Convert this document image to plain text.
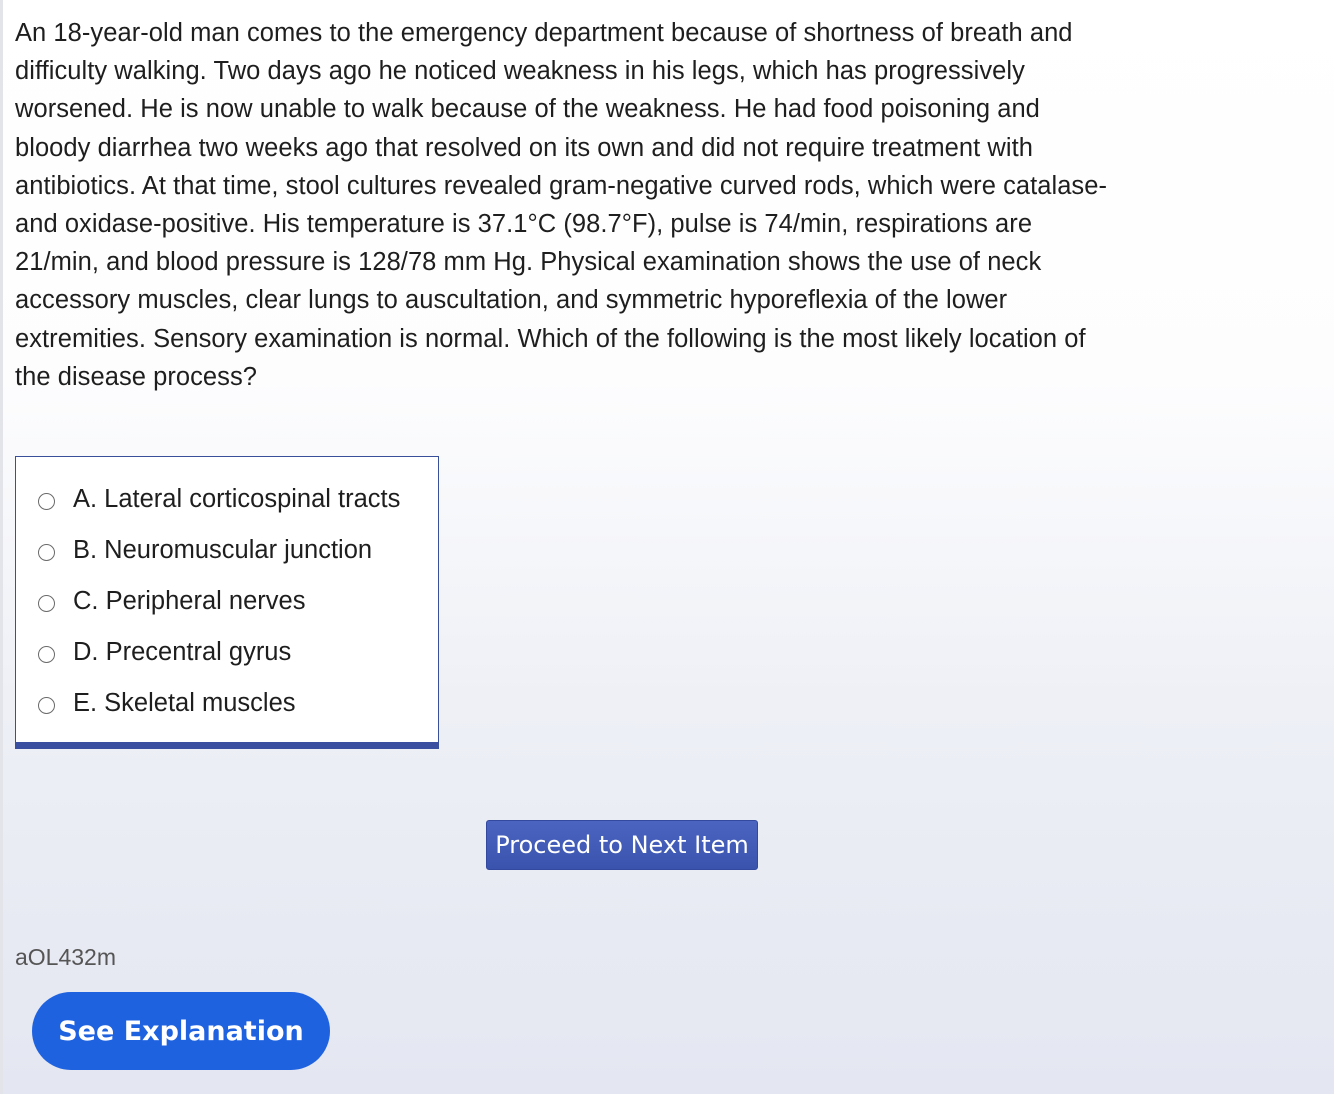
An 18-year-old man comes to the emergency department because of shortness of breath and difficulty walking. Two days ago he noticed weakness in his legs, which has progressively worsened. He is now unable to walk because of the weakness. He had food poisoning and bloody diarrhea two weeks ago that resolved on its own and did not require treatment with antibiotics. At that time, stool cultures revealed gram-negative curved rods, which were catalase- and oxidase-positive. His temperature is 37.1°C (98.7°F), pulse is 74/min, respirations are 21/min, and blood pressure is 128/78 mm Hg. Physical examination shows the use of neck accessory muscles, clear lungs to auscultation, and symmetric hyporeflexia of the lower extremities. Sensory examination is normal. Which of the following is the most likely location of the disease process?

A. Lateral corticospinal tracts
B. Neuromuscular junction
C. Peripheral nerves
D. Precentral gyrus
E. Skeletal muscles
Proceed to Next Item
aOL432m
See Explanation
